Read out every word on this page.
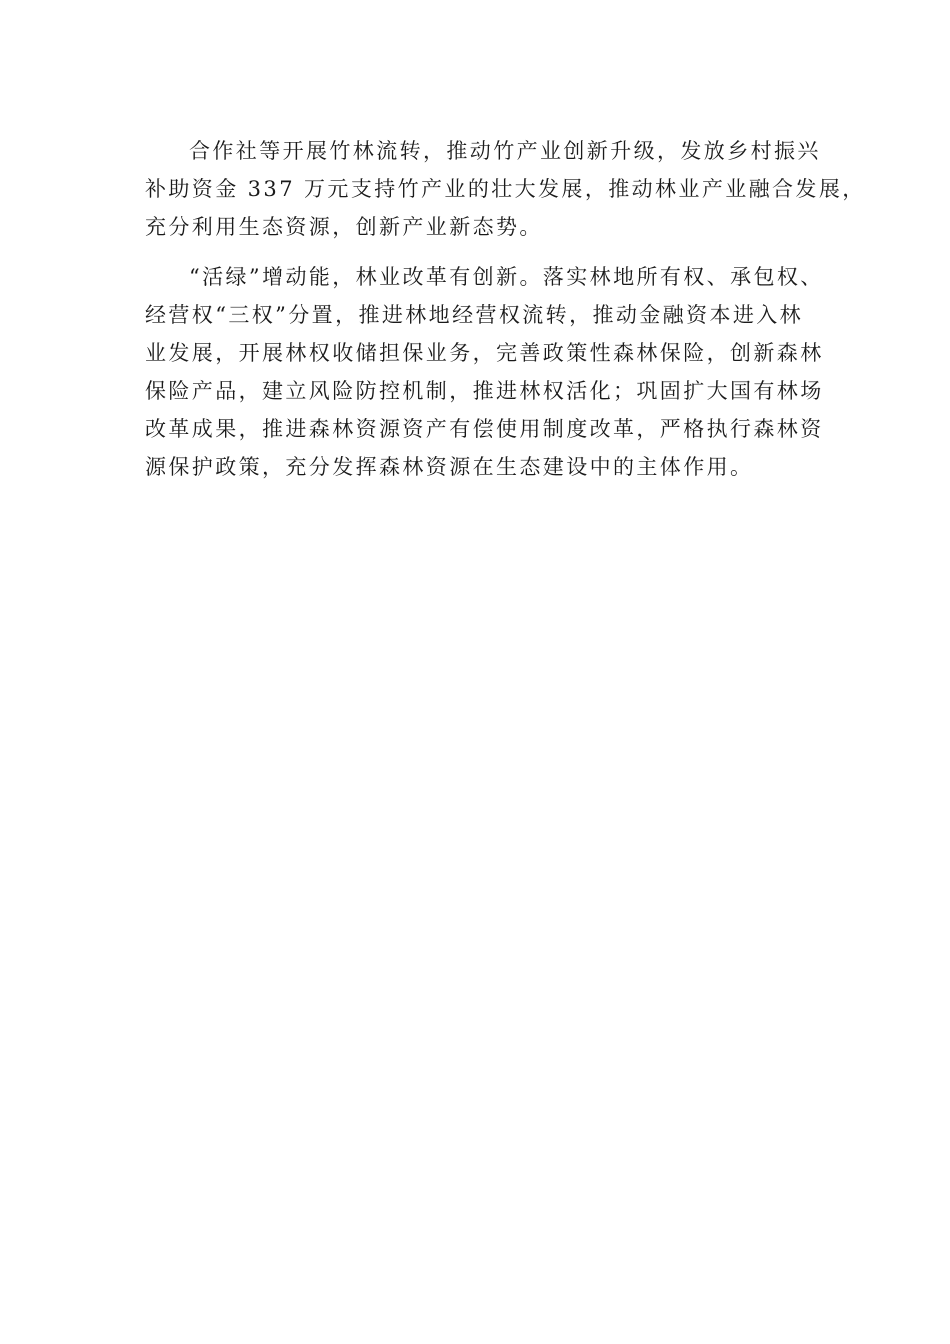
合作社等开展竹林流转，推动竹产业创新升级，发放乡村振兴
补助资金 337 万元支持竹产业的壮大发展，推动林业产业融合发展，
充分利用生态资源，创新产业新态势。
“活绿”增动能，林业改革有创新。落实林地所有权、承包权、
经营权“三权”分置，推进林地经营权流转，推动金融资本进入林
业发展，开展林权收储担保业务，完善政策性森林保险，创新森林
保险产品，建立风险防控机制，推进林权活化；巩固扩大国有林场
改革成果，推进森林资源资产有偿使用制度改革，严格执行森林资
源保护政策，充分发挥森林资源在生态建设中的主体作用。
